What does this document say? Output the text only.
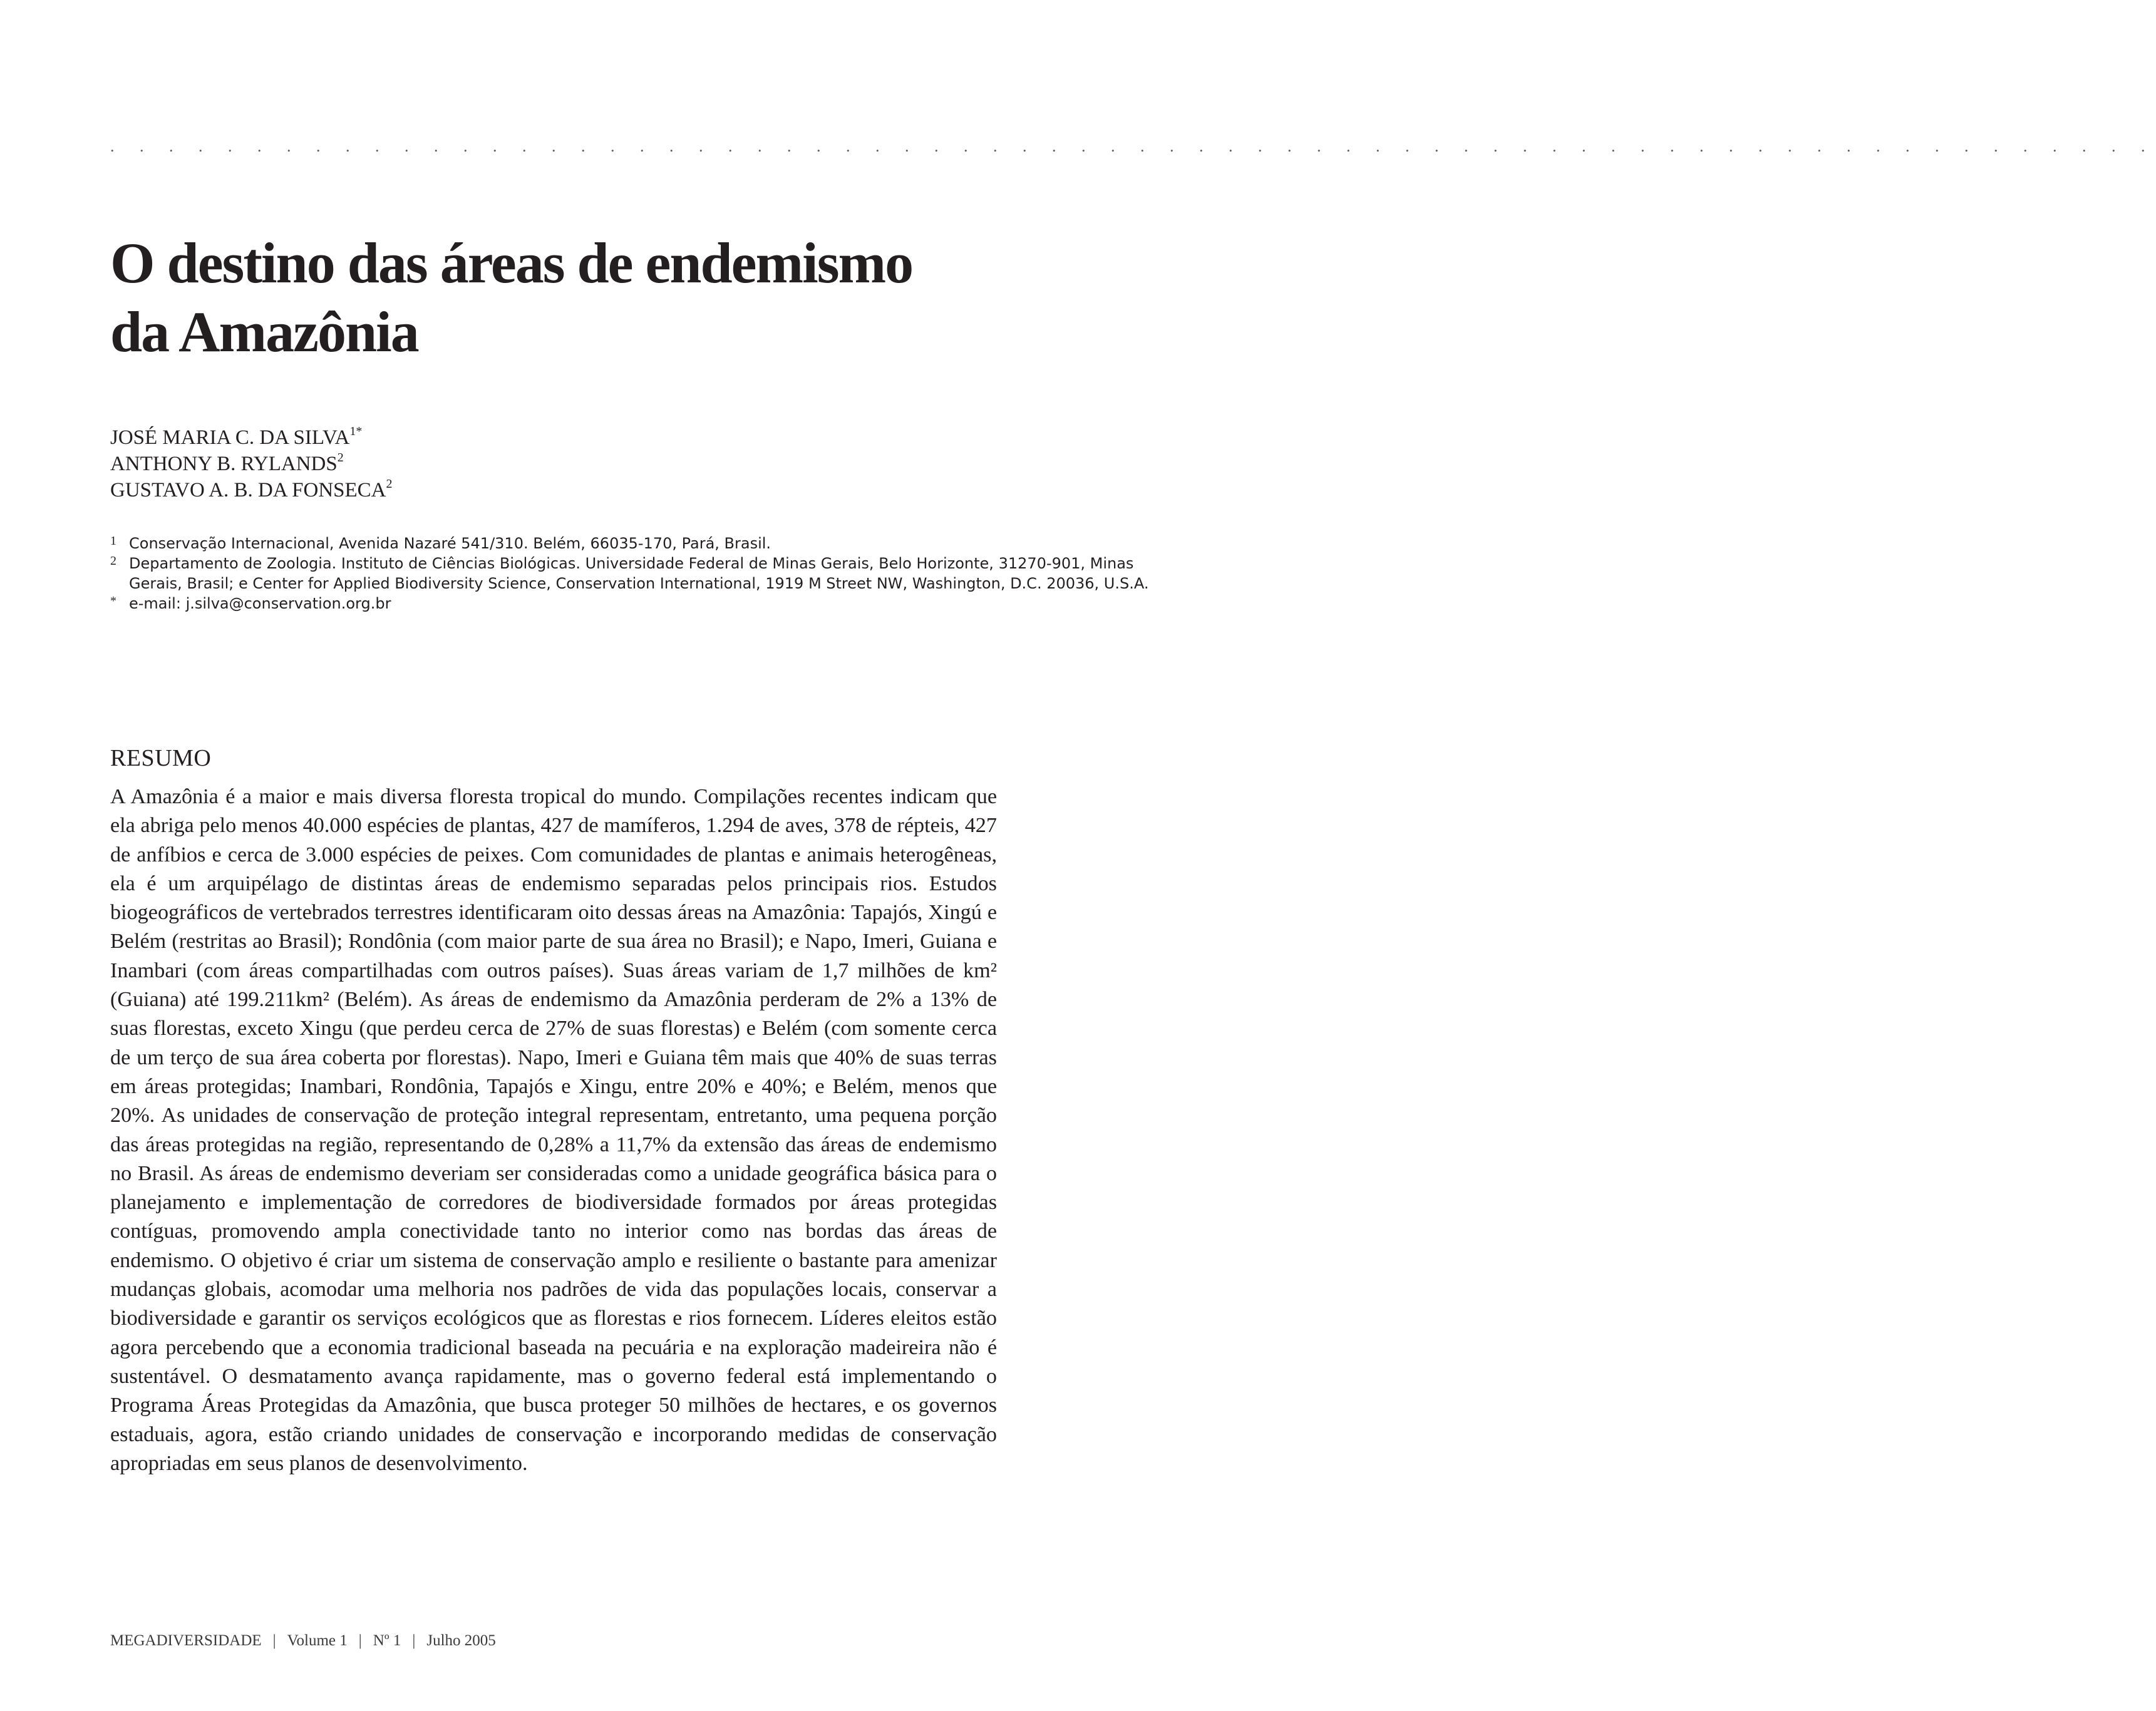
. . . . . . . . . . . . . . . . . . . . . . . . . . . . . . . . . . . . . . . . . . . . . . . . . . . . . . . . . . . . . . . . . . . . . .
O destino das áreas de endemismo
da Amazônia
JOSÉ MARIA C. DA $SILVA^{1*}$
ANTHONY B. RYLANDS$^2$
GUSTAVO A. B. DA FONSECA$^2$
1 Conservação Internacional, Avenida Nazaré 541/310. Belém, 66035-170, Pará, Brasil.
2 Departamento de Zoologia. Instituto de Ciências Biológicas. Universidade Federal de Minas Gerais, Belo Horizonte, 31270-901, Minas Gerais, Brasil; e Center for Applied Biodiversity Science, Conservation International, 1919 M Street NW, Washington, D.C. 20036, U.S.A.
* e-mail: j.silva@conservation.org.br
RESUMO

A Amazônia é a maior e mais diversa floresta tropical do mundo. Compilações recentes indicam que ela abriga pelo menos 40.000 espécies de plantas, 427 de mamíferos, 1.294 de aves, 378 de répteis, 427 de anfíbios e cerca de 3.000 espécies de peixes. Com comunidades de plantas e animais heterogêneas, ela é um arquipélago de distintas áreas de endemismo separadas pelos principais rios. Estudos biogeográficos de vertebrados terrestres identificaram oito dessas áreas na Amazônia: Tapajós, Xingú e Belém (restritas ao Brasil); Rondônia (com maior parte de sua área no Brasil); e Napo, Imeri, Guiana e Inambari (com áreas compartilhadas com outros países). Suas áreas variam de 1,7 milhões de km² (Guiana) até 199.211km² (Belém). As áreas de endemismo da Amazônia perderam de 2% a 13% de suas florestas, exceto Xingu (que perdeu cerca de 27% de suas florestas) e Belém (com somente cerca de um terço de sua área coberta por florestas). Napo, Imeri e Guiana têm mais que 40% de suas terras em áreas protegidas; Inambari, Rondônia, Tapajós e Xingu, entre 20% e 40%; e Belém, menos que 20%. As unidades de conservação de proteção integral representam, entretanto, uma pequena porção das áreas protegidas na região, representando de 0,28% a 11,7% da extensão das áreas de endemismo no Brasil. As áreas de endemismo deveriam ser consideradas como a unidade geográfica básica para o planejamento e implementação de corredores de biodiversidade formados por áreas protegidas contíguas, promovendo ampla conectividade tanto no interior como nas bordas das áreas de endemismo. O objetivo é criar um sistema de conservação amplo e resiliente o bastante para amenizar mudanças globais, acomodar uma melhoria nos padrões de vida das populações locais, conservar a biodiversidade e garantir os serviços ecológicos que as florestas e rios fornecem. Líderes eleitos estão agora percebendo que a economia tradicional baseada na pecuária e na exploração madeireira não é sustentável. O desmatamento avança rapidamente, mas o governo federal está implementando o Programa Áreas Protegidas da Amazônia, que busca proteger 50 milhões de hectares, e os governos estaduais, agora, estão criando unidades de conservação e incorporando medidas de conservação apropriadas em seus planos de desenvolvimento.

MEGADIVERSIDADE | Volume 1 | Nº 1 | Julho 2005
